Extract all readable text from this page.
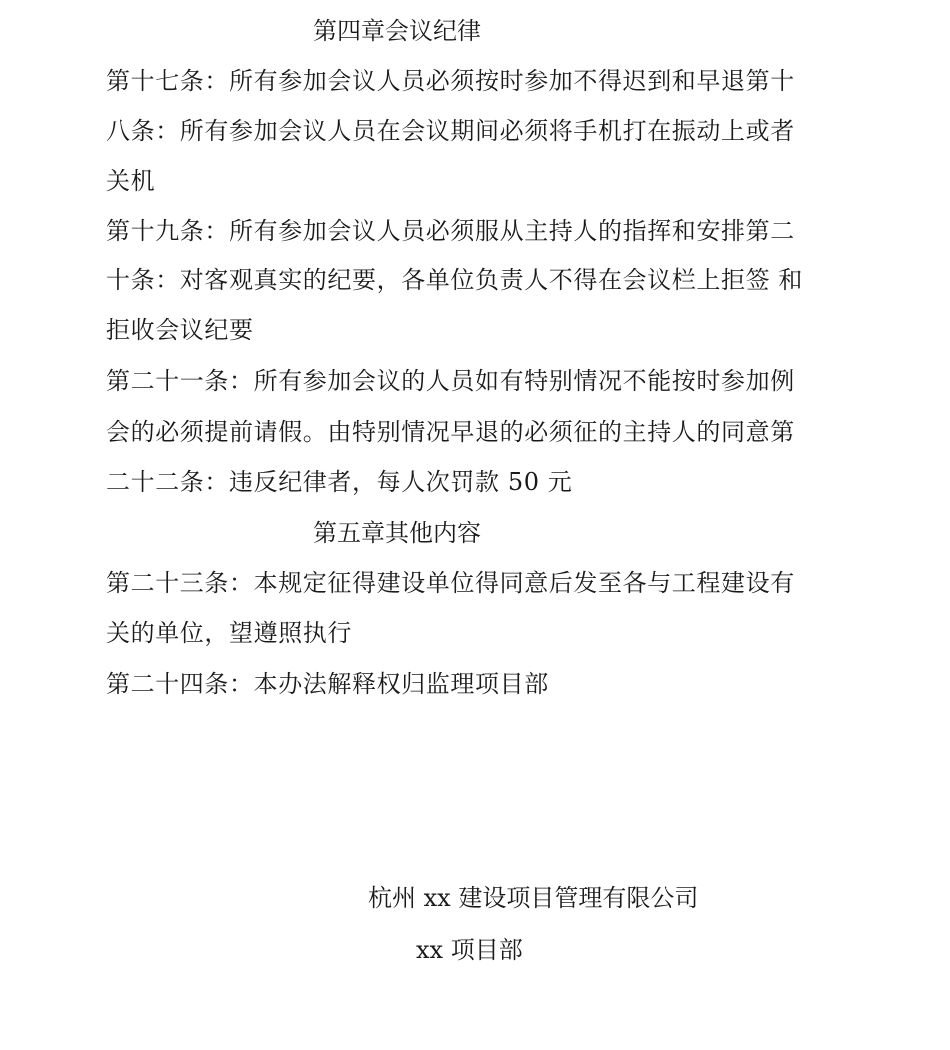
第四章会议纪律
第十七条：所有参加会议人员必须按时参加不得迟到和早退第十
八条：所有参加会议人员在会议期间必须将手机打在振动上或者
关机
第十九条：所有参加会议人员必须服从主持人的指挥和安排第二
十条：对客观真实的纪要，各单位负责人不得在会议栏上拒签 和
拒收会议纪要
第二十一条：所有参加会议的人员如有特别情况不能按时参加例
会的必须提前请假。由特别情况早退的必须征的主持人的同意第
二十二条：违反纪律者，每人次罚款 50 元
第五章其他内容
第二十三条：本规定征得建设单位得同意后发至各与工程建设有
关的单位，望遵照执行
第二十四条：本办法解释权归监理项目部
杭州 xx 建设项目管理有限公司
xx 项目部
